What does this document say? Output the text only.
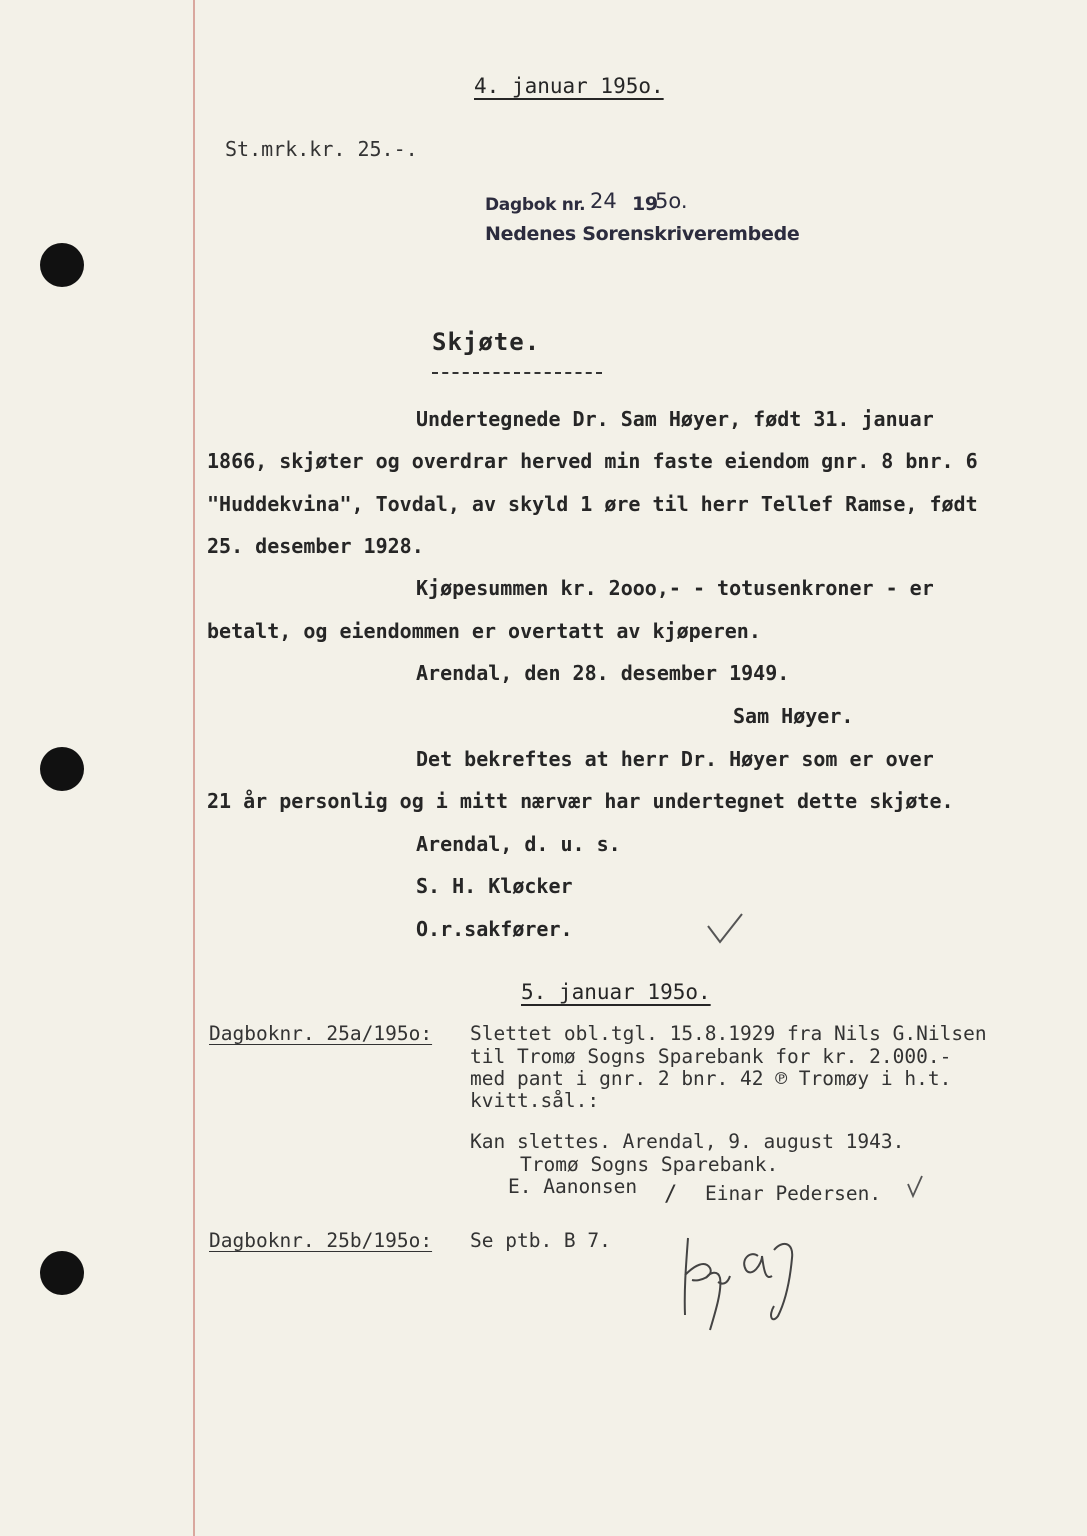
4. januar 195o.
St.mrk.kr. 25.-.
Dagbok nr. 24 19
5o.
Nedenes Sorenskriverembede
Skjøte.
Undertegnede Dr. Sam Høyer, født 31. januar
1866, skjøter og overdrar herved min faste eiendom gnr. 8 bnr. 6
"Huddekvina", Tovdal, av skyld 1 øre til herr Tellef Ramse, født
25. desember 1928.
Kjøpesummen kr. 2ooo,- - totusenkroner - er
betalt, og eiendommen er overtatt av kjøperen.
Arendal, den 28. desember 1949.
Sam Høyer.
Det bekreftes at herr Dr. Høyer som er over
21 år personlig og i mitt nærvær har undertegnet dette skjøte.
Arendal, d. u. s.
S. H. Kløcker
O.r.sakfører.
5. januar 195o.
Dagboknr. 25a/195o: Slettet obl.tgl. 15.8.1929 fra Nils G.Nilsen
til Tromø Sogns Sparebank for kr. 2.000.-
med pant i gnr. 2 bnr. 42 ℗ Tromøy i h.t.
kvitt.sål.:
Kan slettes. Arendal, 9. august 1943.
Tromø Sogns Sparebank.
E. Aanonsen / Einar Pedersen.
Dagboknr. 25b/195o: Se ptb. B 7.
